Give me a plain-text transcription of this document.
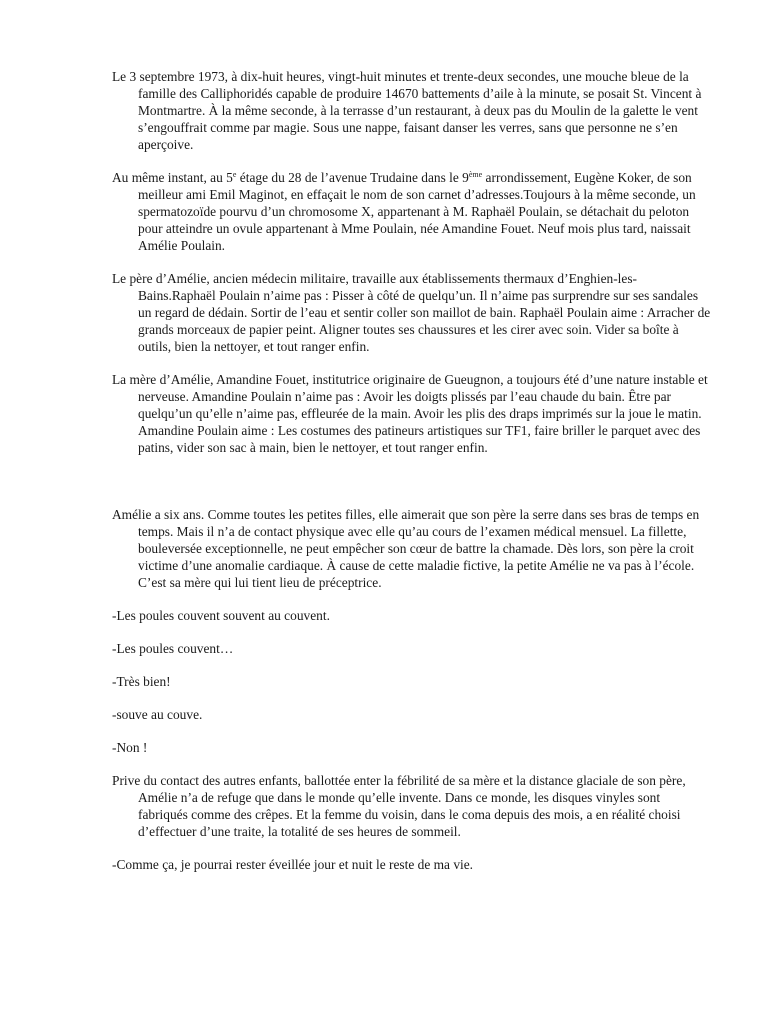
Le 3 septembre 1973, à dix-huit heures, vingt-huit minutes et trente-deux secondes, une mouche bleue de la famille des Calliphoridés capable de produire 14670 battements d’aile à la minute, se posait St. Vincent à Montmartre. À la même seconde, à la terrasse d’un restaurant, à deux pas du Moulin de la galette le vent s’engouffrait comme par magie. Sous une nappe, faisant danser les verres, sans que personne ne s’en aperçoive.

Au même instant, au 5e étage du 28 de l’avenue Trudaine dans le 9ème arrondissement, Eugène Koker, de son meilleur ami Emil Maginot, en effaçait le nom de son carnet d’adresses.Toujours à la même seconde, un spermatozoïde pourvu d’un chromosome X, appartenant à M. Raphaël Poulain, se détachait du peloton pour atteindre un ovule appartenant à Mme Poulain, née Amandine Fouet. Neuf mois plus tard, naissait Amélie Poulain.

Le père d’Amélie, ancien médecin militaire, travaille aux établissements thermaux d’Enghien-les-Bains.Raphaël Poulain n’aime pas : Pisser à côté de quelqu’un. Il n’aime pas surprendre sur ses sandales un regard de dédain. Sortir de l’eau et sentir coller son maillot de bain. Raphaël Poulain aime : Arracher de grands morceaux de papier peint. Aligner toutes ses chaussures et les cirer avec soin. Vider sa boîte à outils, bien la nettoyer, et tout ranger enfin.

La mère d’Amélie, Amandine Fouet, institutrice originaire de Gueugnon, a toujours été d’une nature instable et nerveuse. Amandine Poulain n’aime pas : Avoir les doigts plissés par l’eau chaude du bain. Être par quelqu’un qu’elle n’aime pas, effleurée de la main. Avoir les plis des draps imprimés sur la joue le matin. Amandine Poulain aime : Les costumes des patineurs artistiques sur TF1, faire briller le parquet avec des patins, vider son sac à main, bien le nettoyer, et tout ranger enfin.

Amélie a six ans. Comme toutes les petites filles, elle aimerait que son père la serre dans ses bras de temps en temps. Mais il n’a de contact physique avec elle qu’au cours de l’examen médical mensuel. La fillette, bouleversée exceptionnelle, ne peut empêcher son cœur de battre la chamade. Dès lors, son père la croit victime d’une anomalie cardiaque. À cause de cette maladie fictive, la petite Amélie ne va pas à l’école. C’est sa mère qui lui tient lieu de préceptrice.

-Les poules couvent souvent au couvent.

-Les poules couvent…

-Très bien!

-souve au couve.

-Non !

Prive du contact des autres enfants, ballottée enter la fébrilité de sa mère et la distance glaciale de son père, Amélie n’a de refuge que dans le monde qu’elle invente. Dans ce monde, les disques vinyles sont fabriqués comme des crêpes. Et la femme du voisin, dans le coma depuis des mois, a en réalité choisi d’effectuer d’une traite, la totalité de ses heures de sommeil.

-Comme ça, je pourrai rester éveillée jour et nuit le reste de ma vie.
